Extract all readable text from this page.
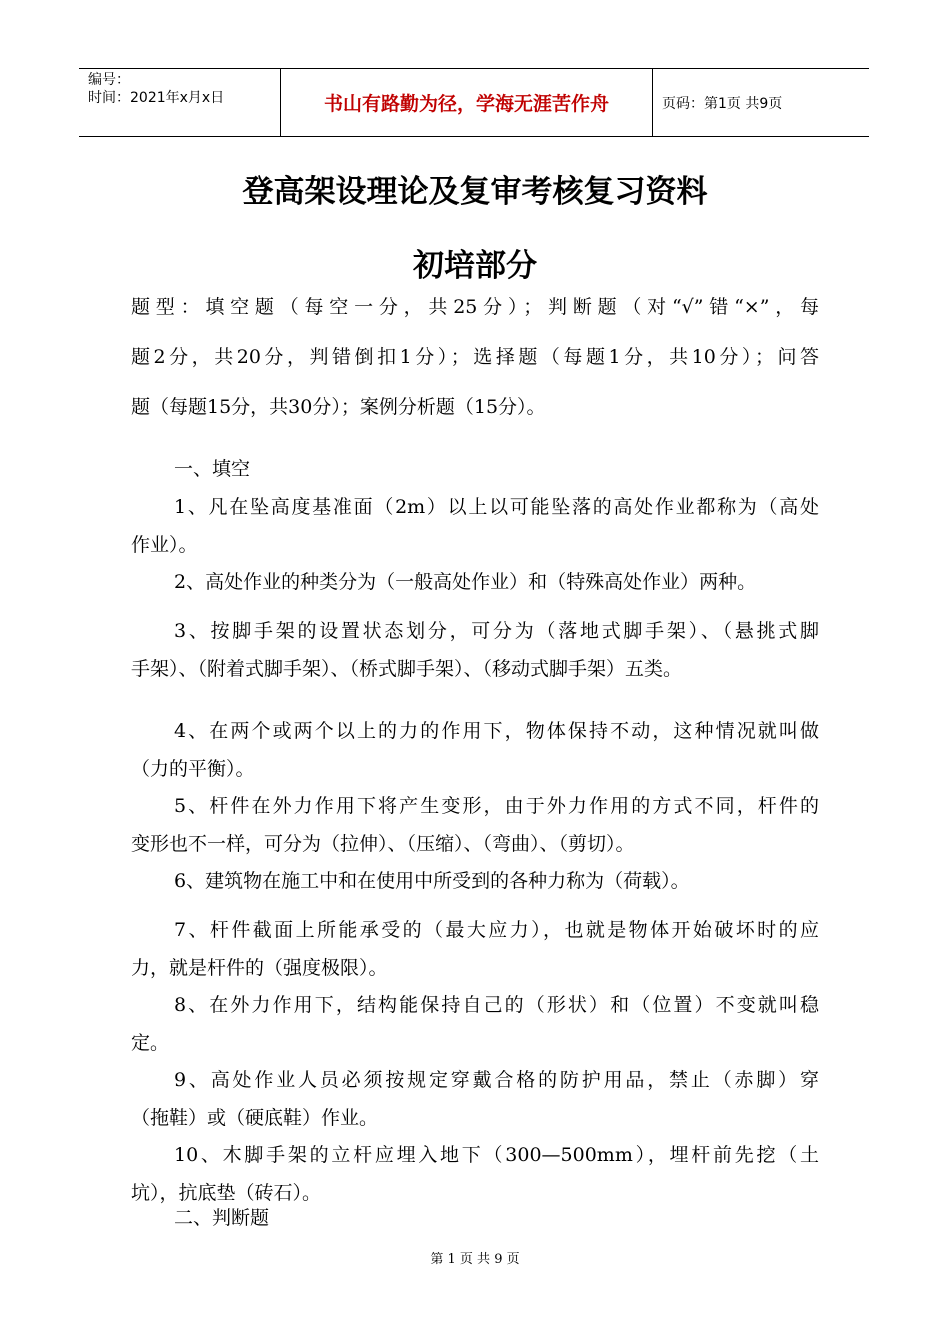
编号：
时间：2021年x月x日	书山有路勤为径，学海无涯苦作舟	页码：第1页 共9页
登高架设理论及复审考核复习资料
初培部分
题型：填空题（每空一分，共25分）；判断题（对“√”错“×”，每
题2分，共20分，判错倒扣1分）；选择题（每题1分，共10分）；问答
题（每题15分，共30分）；案例分析题（15分）。
一、填空
1、凡在坠高度基准面（2m）以上以可能坠落的高处作业都称为（高处
作业）。
2、高处作业的种类分为（一般高处作业）和（特殊高处作业）两种。
3、按脚手架的设置状态划分，可分为（落地式脚手架）、（悬挑式脚
手架）、（附着式脚手架）、（桥式脚手架）、（移动式脚手架）五类。
4、在两个或两个以上的力的作用下，物体保持不动，这种情况就叫做
（力的平衡）。
5、杆件在外力作用下将产生变形，由于外力作用的方式不同，杆件的
变形也不一样，可分为（拉伸）、（压缩）、（弯曲）、（剪切）。
6、建筑物在施工中和在使用中所受到的各种力称为（荷载）。
7、杆件截面上所能承受的（最大应力），也就是物体开始破坏时的应
力，就是杆件的（强度极限）。
8、在外力作用下，结构能保持自己的（形状）和（位置）不变就叫稳
定。
9、高处作业人员必须按规定穿戴合格的防护用品，禁止（赤脚）穿
（拖鞋）或（硬底鞋）作业。
10、木脚手架的立杆应埋入地下（300—500mm），埋杆前先挖（土
坑），抗底垫（砖石）。
二、判断题
第 1 页 共 9 页
